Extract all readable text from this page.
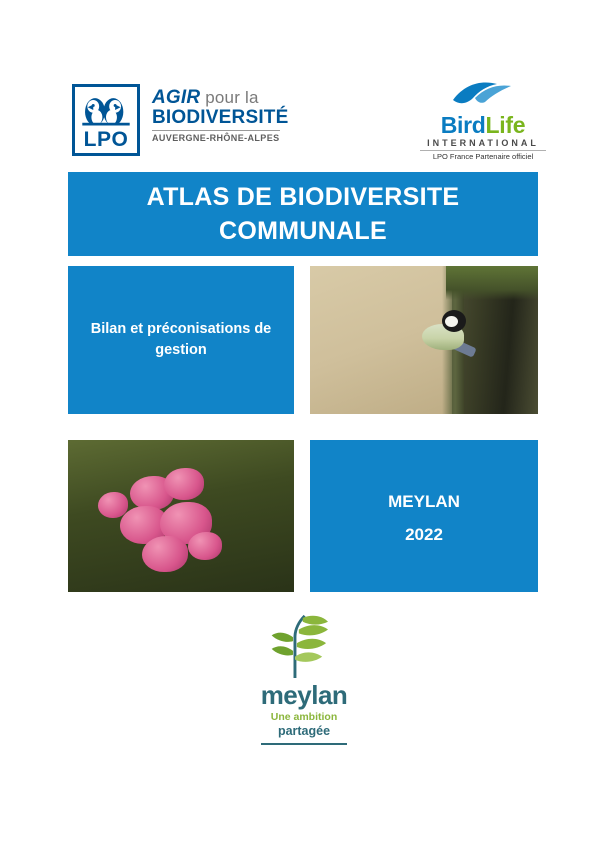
LPO
AGIR pour la
BIODIVERSITÉ
AUVERGNE-RHÔNE-ALPES	BirdLife
INTERNATIONAL
LPO France Partenaire officiel
ATLAS DE BIODIVERSITE COMMUNALE
Bilan et préconisations de gestion
MEYLAN
2022
meylan
Une ambition
partagée
